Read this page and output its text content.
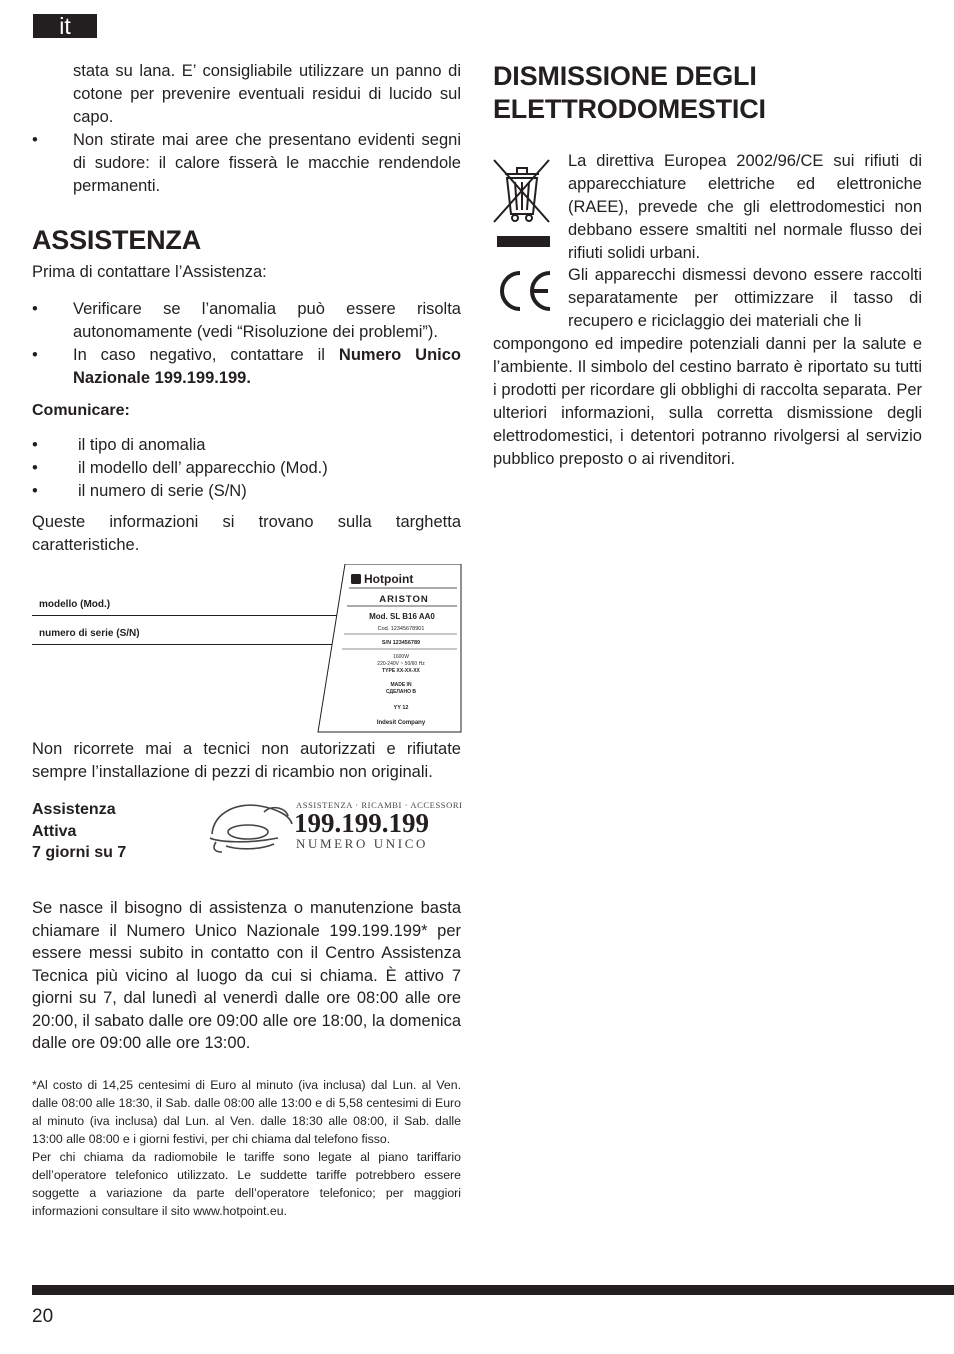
it
stata su lana. E’ consigliabile utilizzare un panno di cotone per prevenire eventuali residui di lucido sul capo.
• Non stirate mai aree che presentano evidenti segni di sudore: il calore fisserà le macchie rendendole permanenti.
ASSISTENZA
Prima di contattare l’Assistenza:
• Verificare se l’anomalia può essere risolta autonomamente (vedi “Risoluzione dei problemi”).
• In caso negativo, contattare il Numero Unico Nazionale 199.199.199.
Comunicare:
• il tipo di anomalia
• il modello dell’ apparecchio (Mod.)
• il numero di serie (S/N)
Queste informazioni si trovano sulla targhetta caratteristiche.
modello (Mod.)
numero di serie (S/N)
Hotpoint
ARISTON
Mod. SL B16 AA0
Cod. 12345678901
S/N 123456789
1600W
220-240V ~ 50/60 Hz
TYPE XX-XX-XX
MADE IN
СДЕЛАНО В
YY 12
Indesit Company
Non ricorrete mai a tecnici non autorizzati e rifiutate sempre l’installazione di pezzi di ricambio non originali.
Assistenza
Attiva
7 giorni su 7
ASSISTENZA · RICAMBI · ACCESSORI
199.199.199
NUMERO UNICO
Se nasce il bisogno di assistenza o manutenzione basta chiamare il Numero Unico Nazionale 199.199.199* per essere messi subito in contatto con il Centro Assistenza Tecnica più vicino al luogo da cui si chiama. È attivo 7 giorni su 7, dal lunedì al venerdì dalle ore 08:00 alle ore 20:00, il sabato dalle ore 09:00 alle ore 18:00, la domenica dalle ore 09:00 alle ore 13:00.
*Al costo di 14,25 centesimi di Euro al minuto (iva inclusa) dal Lun. al Ven. dalle 08:00 alle 18:30, il Sab. dalle 08:00 alle 13:00 e di 5,58 centesimi di Euro al minuto (iva inclusa) dal Lun. al Ven. dalle 18:30 alle 08:00, il Sab. dalle 13:00 alle 08:00 e i giorni festivi, per chi chiama dal telefono fisso.
Per chi chiama da radiomobile le tariffe sono legate al piano tariffario dell’operatore telefonico utilizzato. Le suddette tariffe potrebbero essere soggette a variazione da parte dell’operatore telefonico; per maggiori informazioni consultare il sito www.hotpoint.eu.
DISMISSIONE DEGLI
ELETTRODOMESTICI
La direttiva Europea 2002/96/CE sui rifiuti di apparecchiature elettriche ed elettroniche (RAEE), prevede che gli elettrodomestici non debbano essere smaltiti nel normale flusso dei rifiuti solidi urbani.
Gli apparecchi dismessi devono essere raccolti separatamente per ottimizzare il tasso di recupero e riciclaggio dei materiali che li
compongono ed impedire potenziali danni per la salute e l’ambiente. Il simbolo del cestino barrato è riportato su tutti i prodotti per ricordare gli obblighi di raccolta separata. Per ulteriori informazioni, sulla corretta dismissione degli elettrodomestici, i detentori potranno rivolgersi al servizio pubblico preposto o ai rivenditori.
20
